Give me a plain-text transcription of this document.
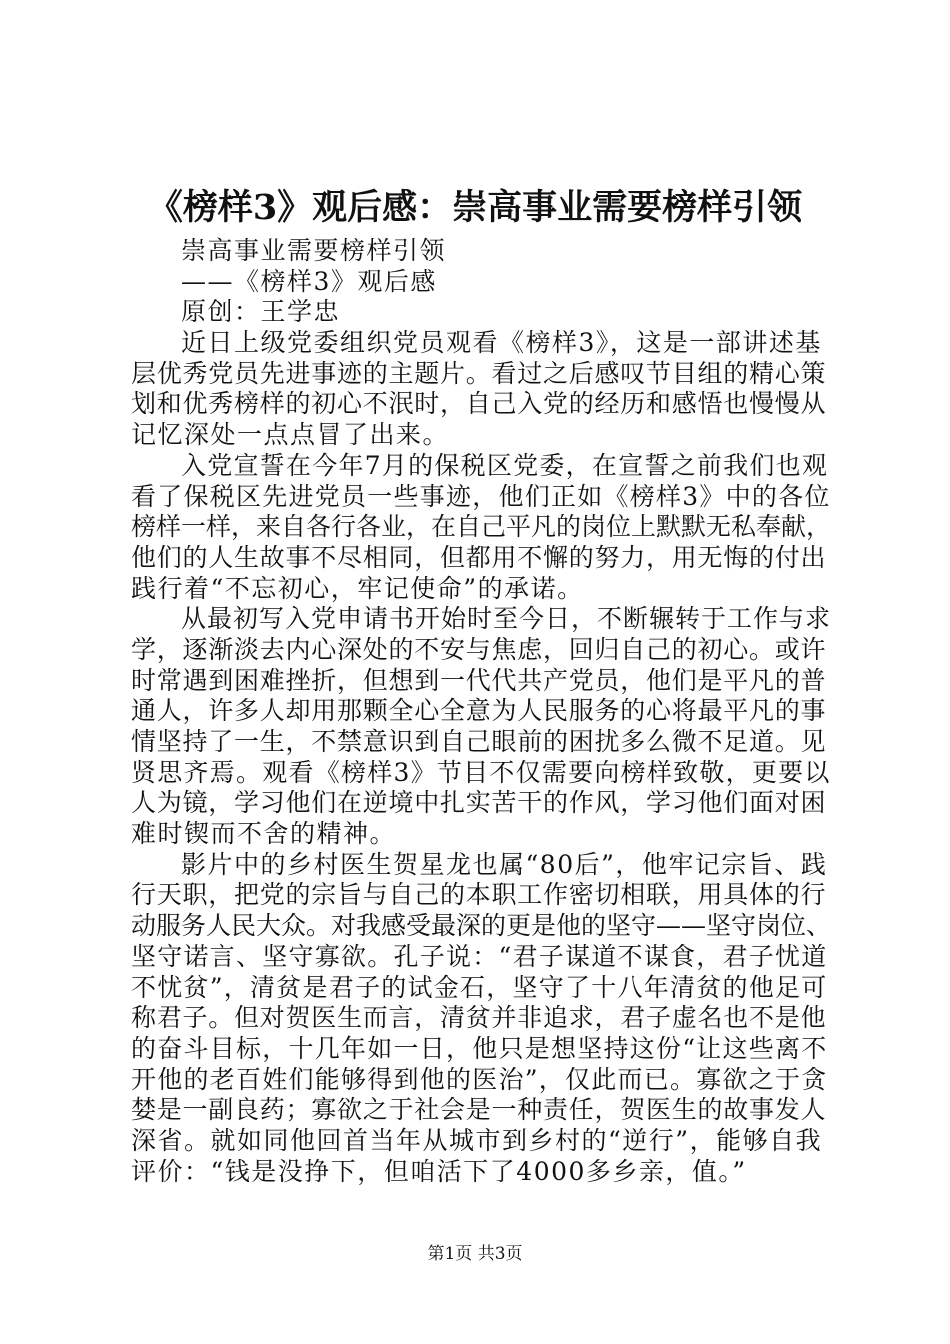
《榜样3》观后感：崇高事业需要榜样引领
崇高事业需要榜样引领
——《榜样3》观后感
原创：王学忠
近日上级党委组织党员观看《榜样3》，这是一部讲述基
层优秀党员先进事迹的主题片。看过之后感叹节目组的精心策
划和优秀榜样的初心不泯时，自己入党的经历和感悟也慢慢从
记忆深处一点点冒了出来。
入党宣誓在今年7月的保税区党委，在宣誓之前我们也观
看了保税区先进党员一些事迹，他们正如《榜样3》中的各位
榜样一样，来自各行各业，在自己平凡的岗位上默默无私奉献，
他们的人生故事不尽相同，但都用不懈的努力，用无悔的付出
践行着“不忘初心，牢记使命”的承诺。
从最初写入党申请书开始时至今日，不断辗转于工作与求
学，逐渐淡去内心深处的不安与焦虑，回归自己的初心。或许
时常遇到困难挫折，但想到一代代共产党员，他们是平凡的普
通人，许多人却用那颗全心全意为人民服务的心将最平凡的事
情坚持了一生，不禁意识到自己眼前的困扰多么微不足道。见
贤思齐焉。观看《榜样3》节目不仅需要向榜样致敬，更要以
人为镜，学习他们在逆境中扎实苦干的作风，学习他们面对困
难时锲而不舍的精神。
影片中的乡村医生贺星龙也属“80后”，他牢记宗旨、践
行天职，把党的宗旨与自己的本职工作密切相联，用具体的行
动服务人民大众。对我感受最深的更是他的坚守——坚守岗位、
坚守诺言、坚守寡欲。孔子说：“君子谋道不谋食，君子忧道
不忧贫”，清贫是君子的试金石，坚守了十八年清贫的他足可
称君子。但对贺医生而言，清贫并非追求，君子虚名也不是他
的奋斗目标，十几年如一日，他只是想坚持这份“让这些离不
开他的老百姓们能够得到他的医治”，仅此而已。寡欲之于贪
婪是一副良药；寡欲之于社会是一种责任，贺医生的故事发人
深省。就如同他回首当年从城市到乡村的“逆行”，能够自我
评价：“钱是没挣下，但咱活下了4000多乡亲，值。”
第1页 共3页
